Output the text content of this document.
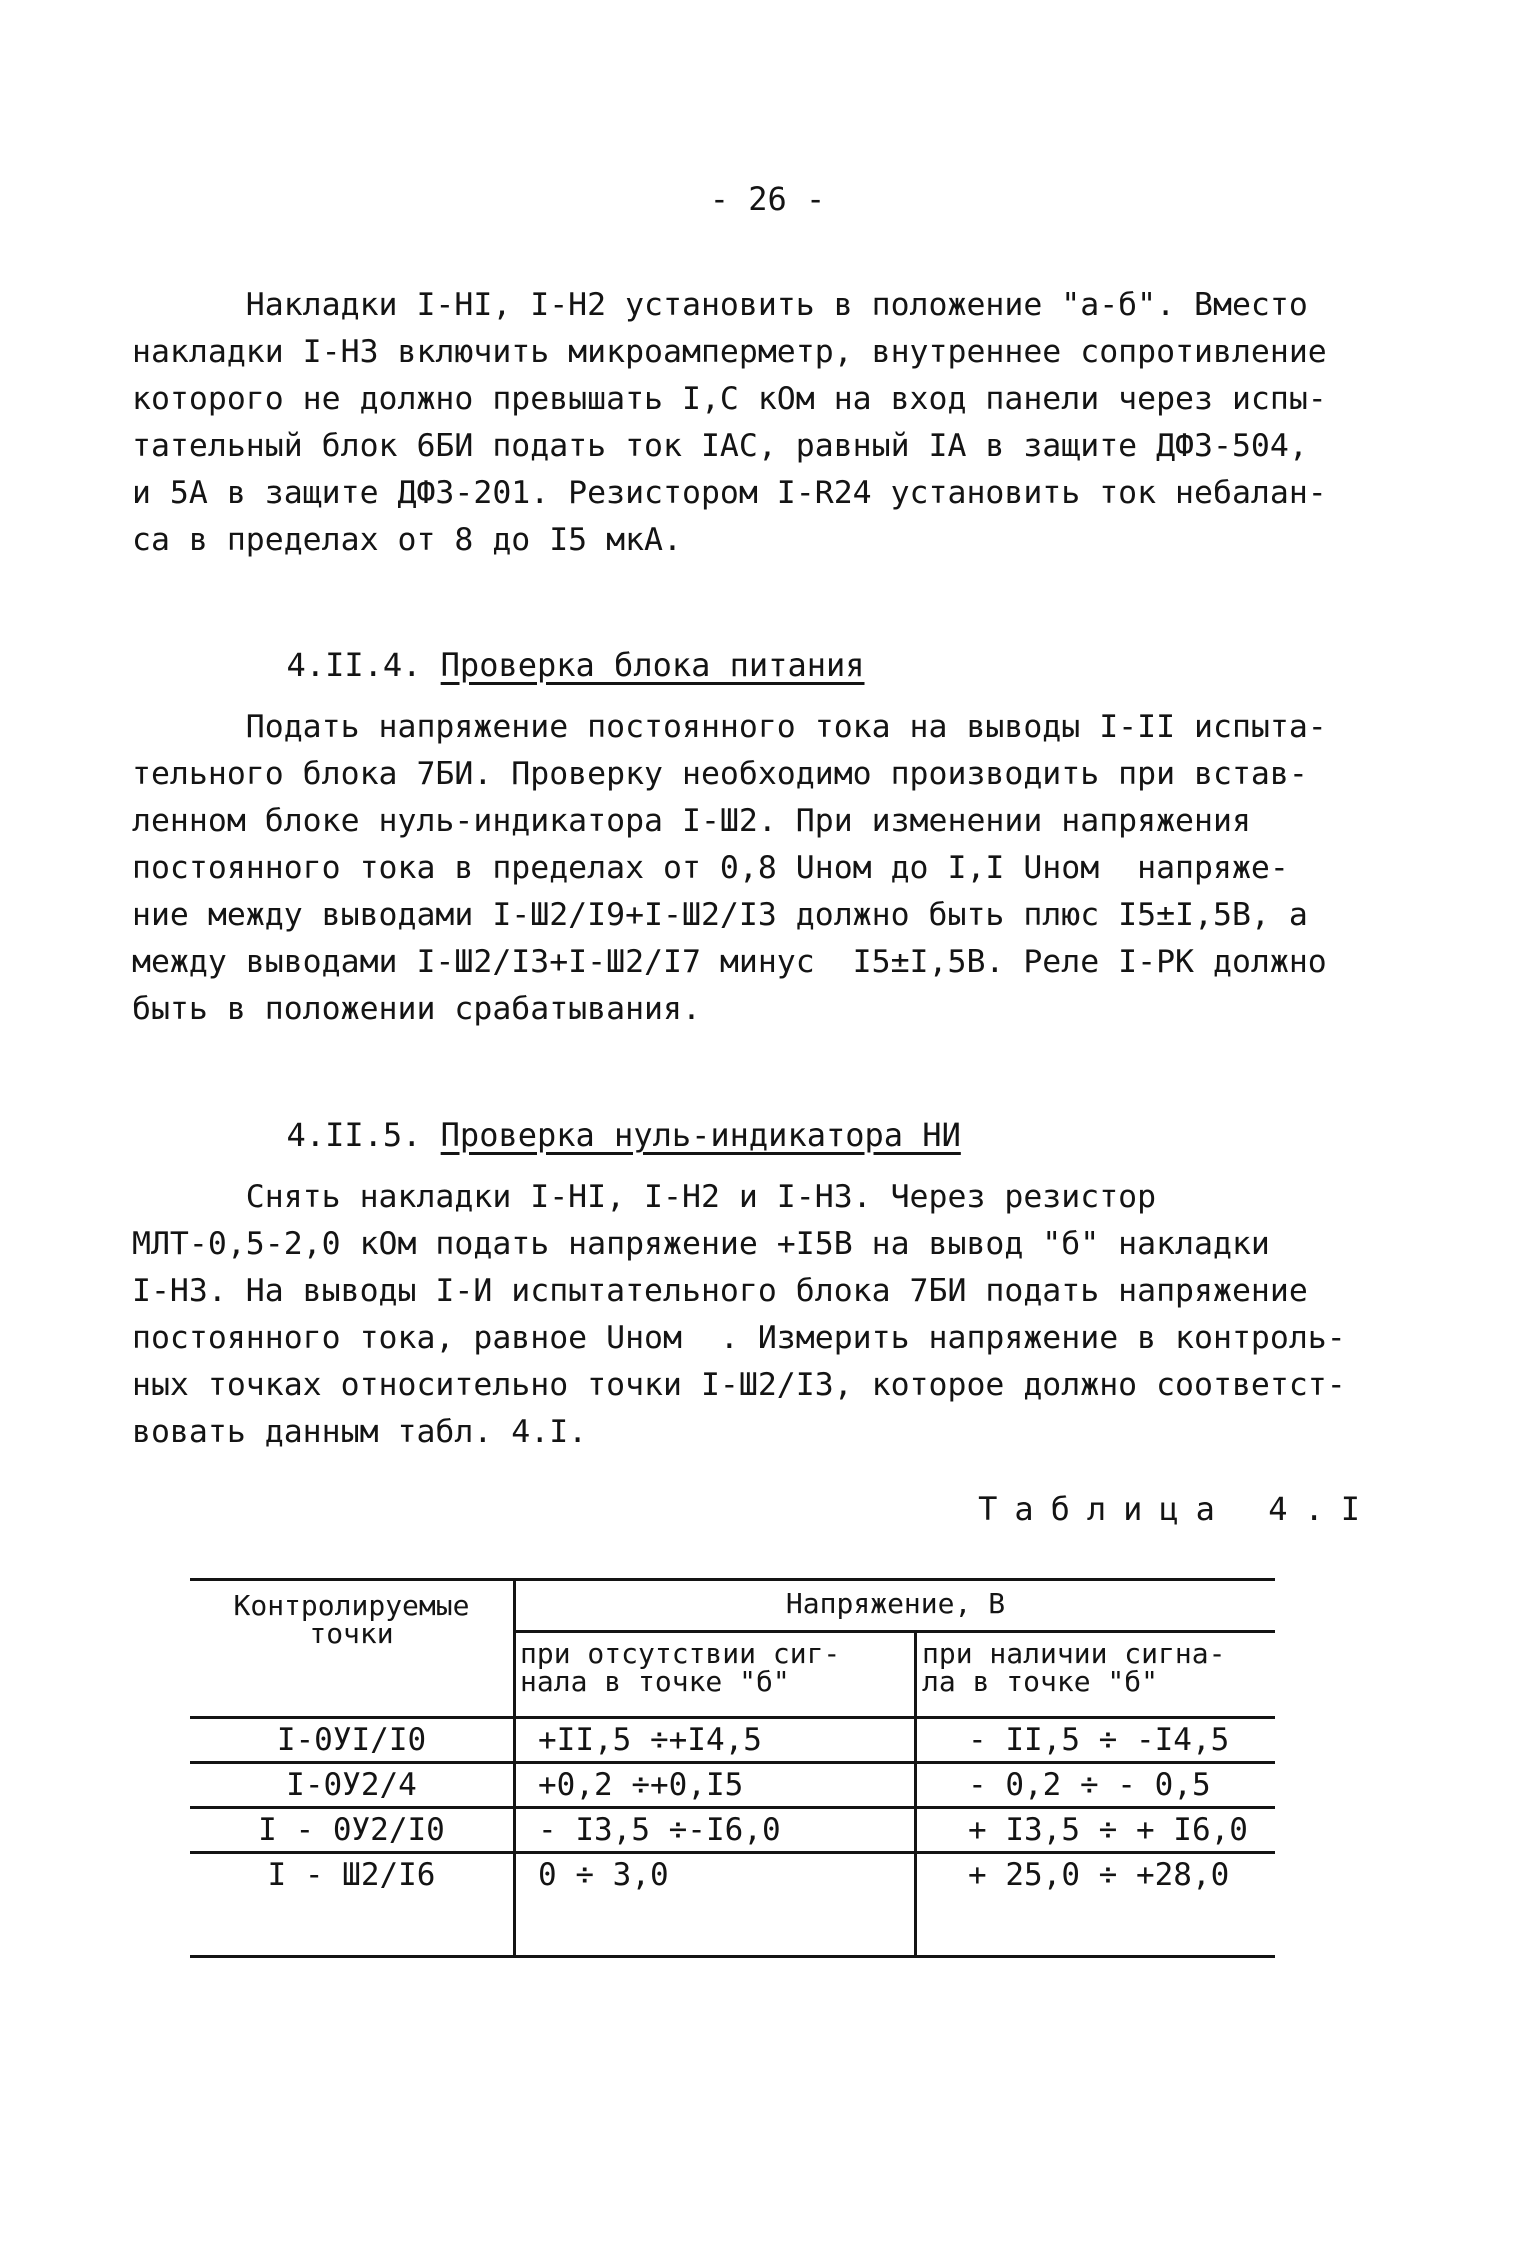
- 26 -
Накладки I-HI, I-H2 установить в положение "а-б". Вместо
накладки I-Н3 включить микроамперметр, внутреннее сопротивление
которого не должно превышать I,С кОм на вход панели через испы-
тательный блок 6БИ подать ток IAC, равный IA в защите ДФЗ-504,
и 5А в защите ДФЗ-201. Резистором I-R24 установить ток небалан-
са в пределах от 8 до I5 мкА.

4.II.4. Проверка блока питания

Подать напряжение постоянного тока на выводы I-II испыта-
тельного блока 7БИ. Проверку необходимо производить при встав-
ленном блоке нуль-индикатора I-Ш2. При изменении напряжения
постоянного тока в пределах от 0,8 Uном до I,I Uном  напряже-
ние между выводами I-Ш2/I9+I-Ш2/I3 должно быть плюс I5±I,5В, а
между выводами I-Ш2/I3+I-Ш2/I7 минус  I5±I,5В. Реле I-РК должно
быть в положении срабатывания.

4.II.5. Проверка нуль-индикатора НИ

Снять накладки I-HI, I-H2 и I-H3. Через резистор
МЛТ-0,5-2,0 кОм подать напряжение +I5В на вывод "б" накладки
I-H3. На выводы I-И испытательного блока 7БИ подать напряжение
постоянного тока, равное Uном  . Измерить напряжение в контроль-
ных точках относительно точки I-Ш2/I3, которое должно соответст-
вовать данным табл. 4.I.
Таблица 4.I
Контролируемые
точки
Напряжение, В
при отсутствии сиг-
нала в точке "б"
при наличии сигна-
ла в точке "б"
I-0УI/I0	+II,5 ÷+I4,5	- II,5 ÷ -I4,5
I-0У2/4	+0,2 ÷+0,I5	- 0,2 ÷ - 0,5
I - 0У2/I0	- I3,5 ÷-I6,0	+ I3,5 ÷ + I6,0
I - Ш2/I6	0 ÷ 3,0	+ 25,0 ÷ +28,0
